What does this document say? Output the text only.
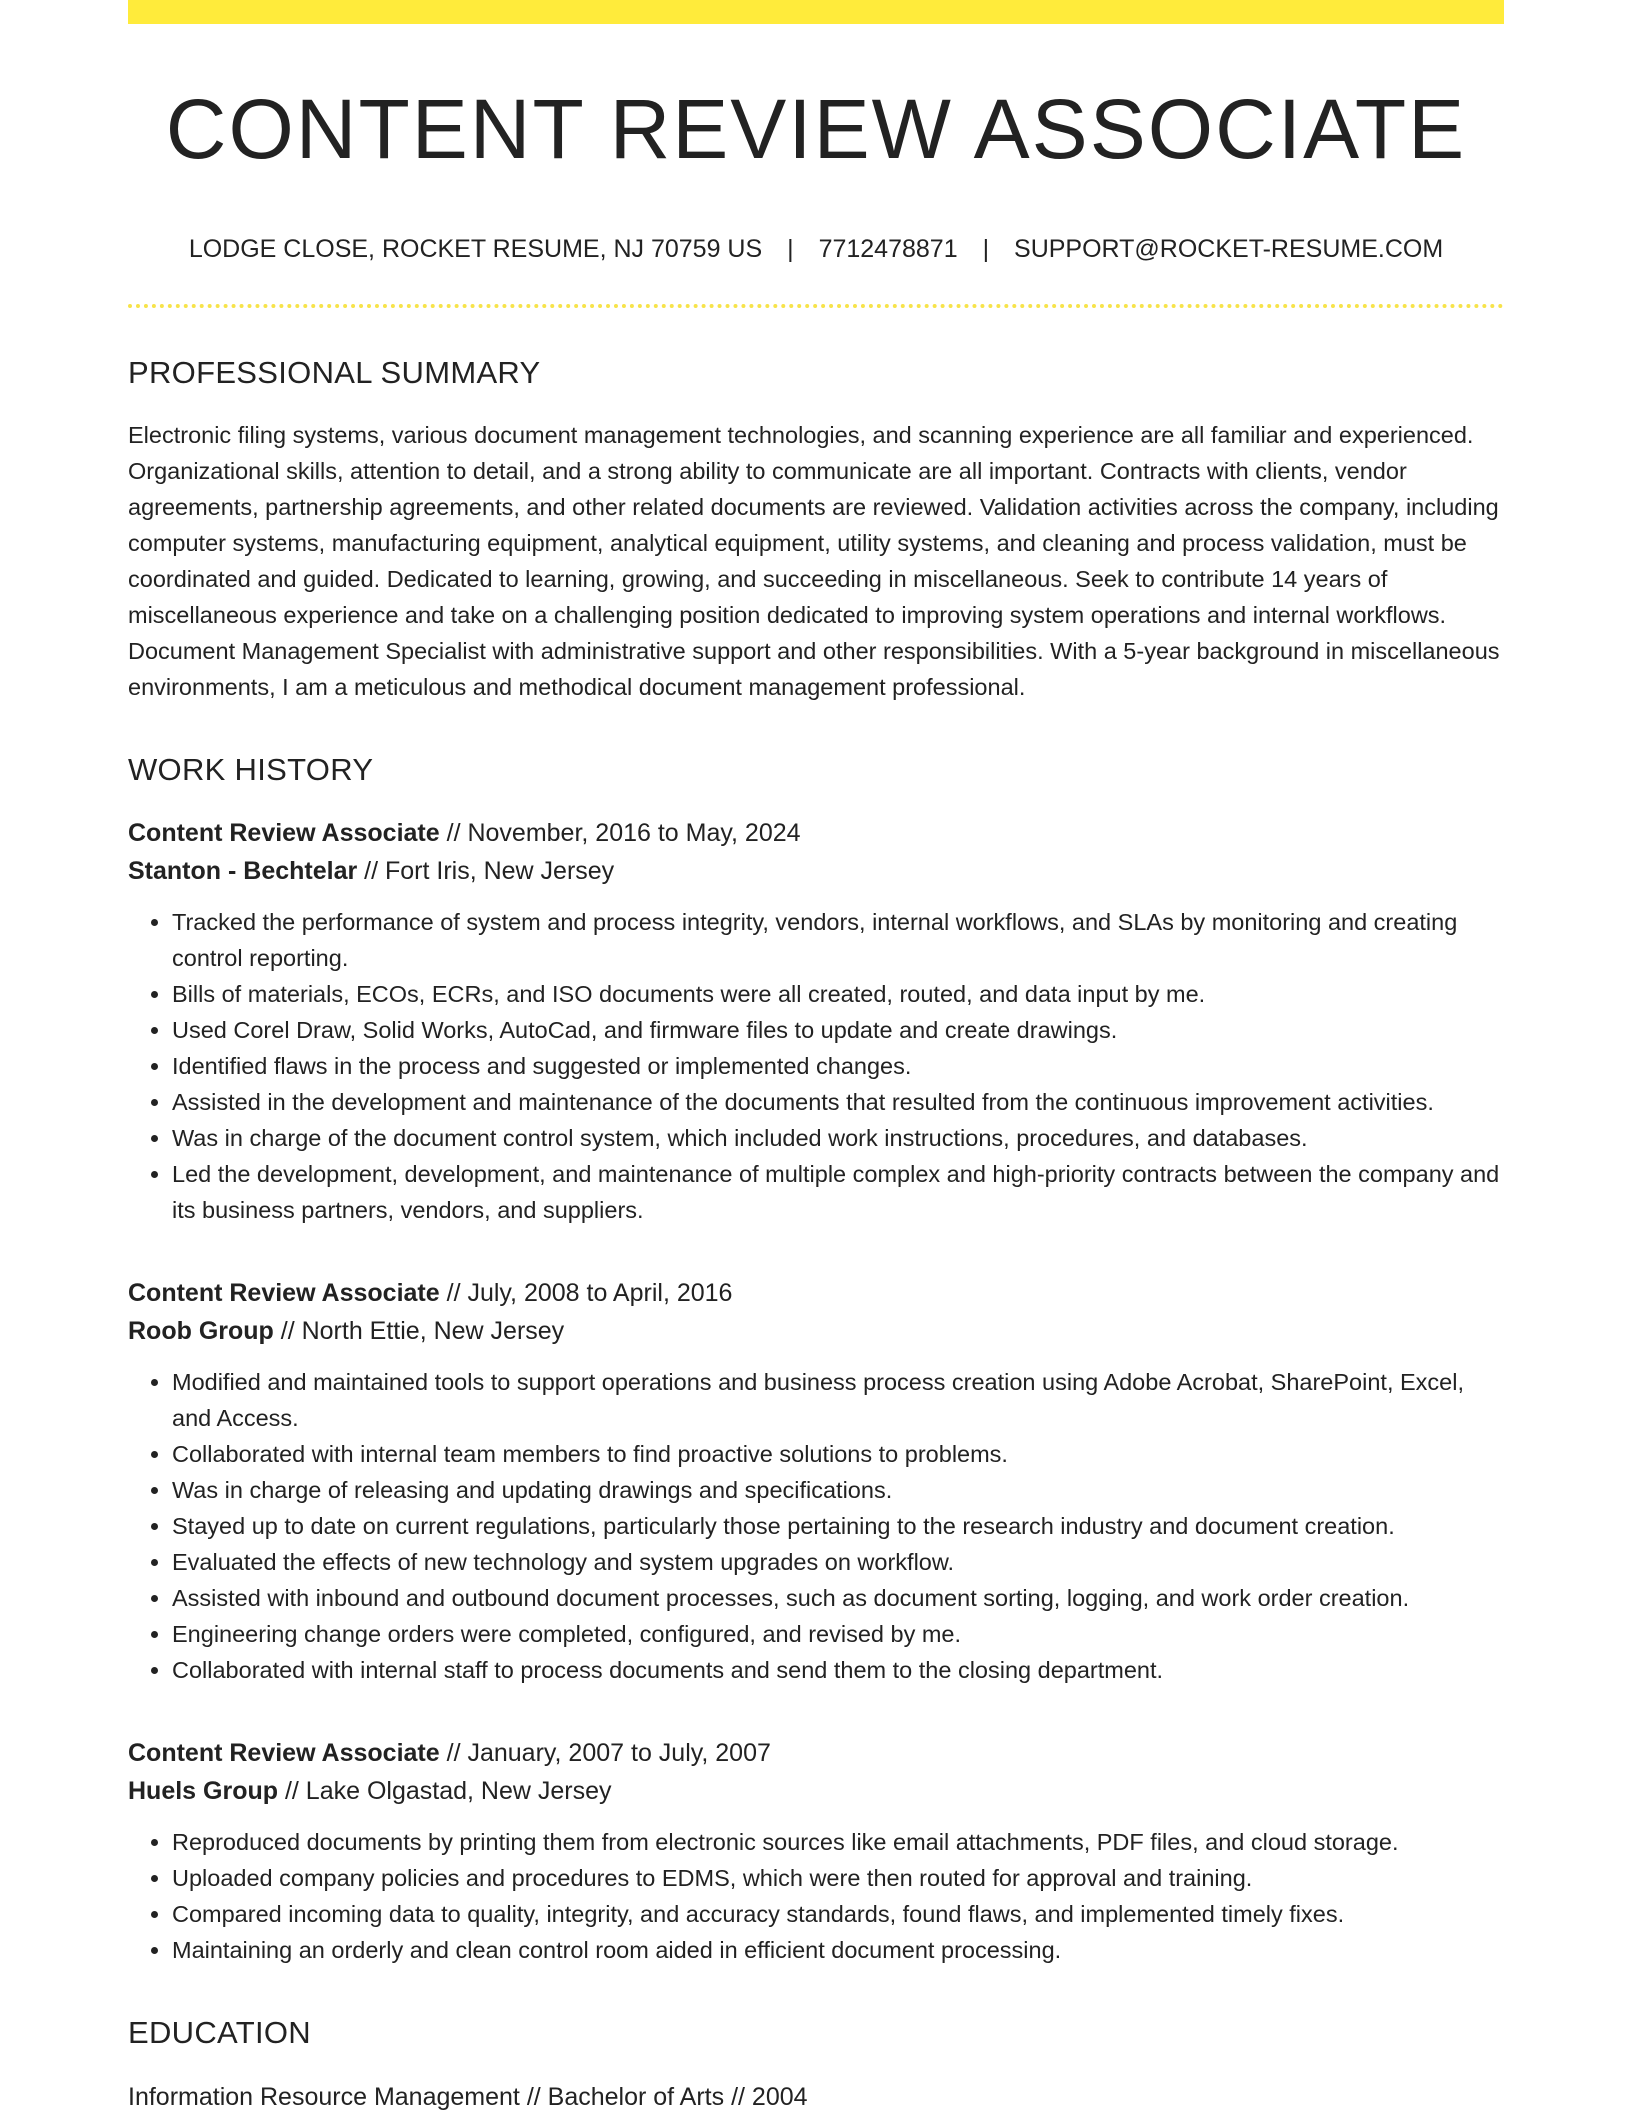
CONTENT REVIEW ASSOCIATE
LODGE CLOSE, ROCKET RESUME, NJ 70759 US | 7712478871 | SUPPORT@ROCKET-RESUME.COM
PROFESSIONAL SUMMARY

Electronic filing systems, various document management technologies, and scanning experience are all familiar and experienced. Organizational skills, attention to detail, and a strong ability to communicate are all important. Contracts with clients, vendor agreements, partnership agreements, and other related documents are reviewed. Validation activities across the company, including computer systems, manufacturing equipment, analytical equipment, utility systems, and cleaning and process validation, must be coordinated and guided. Dedicated to learning, growing, and succeeding in miscellaneous. Seek to contribute 14 years of miscellaneous experience and take on a challenging position dedicated to improving system operations and internal workflows. Document Management Specialist with administrative support and other responsibilities. With a 5-year background in miscellaneous environments, I am a meticulous and methodical document management professional.

WORK HISTORY
Content Review Associate // November, 2016 to May, 2024
Stanton - Bechtelar // Fort Iris, New Jersey
• Tracked the performance of system and process integrity, vendors, internal workflows, and SLAs by monitoring and creating control reporting.
• Bills of materials, ECOs, ECRs, and ISO documents were all created, routed, and data input by me.
• Used Corel Draw, Solid Works, AutoCad, and firmware files to update and create drawings.
• Identified flaws in the process and suggested or implemented changes.
• Assisted in the development and maintenance of the documents that resulted from the continuous improvement activities.
• Was in charge of the document control system, which included work instructions, procedures, and databases.
• Led the development, development, and maintenance of multiple complex and high-priority contracts between the company and its business partners, vendors, and suppliers.
Content Review Associate // July, 2008 to April, 2016
Roob Group // North Ettie, New Jersey
• Modified and maintained tools to support operations and business process creation using Adobe Acrobat, SharePoint, Excel, and Access.
• Collaborated with internal team members to find proactive solutions to problems.
• Was in charge of releasing and updating drawings and specifications.
• Stayed up to date on current regulations, particularly those pertaining to the research industry and document creation.
• Evaluated the effects of new technology and system upgrades on workflow.
• Assisted with inbound and outbound document processes, such as document sorting, logging, and work order creation.
• Engineering change orders were completed, configured, and revised by me.
• Collaborated with internal staff to process documents and send them to the closing department.
Content Review Associate // January, 2007 to July, 2007
Huels Group // Lake Olgastad, New Jersey
• Reproduced documents by printing them from electronic sources like email attachments, PDF files, and cloud storage.
• Uploaded company policies and procedures to EDMS, which were then routed for approval and training.
• Compared incoming data to quality, integrity, and accuracy standards, found flaws, and implemented timely fixes.
• Maintaining an orderly and clean control room aided in efficient document processing.
EDUCATION
Information Resource Management // Bachelor of Arts // 2004
